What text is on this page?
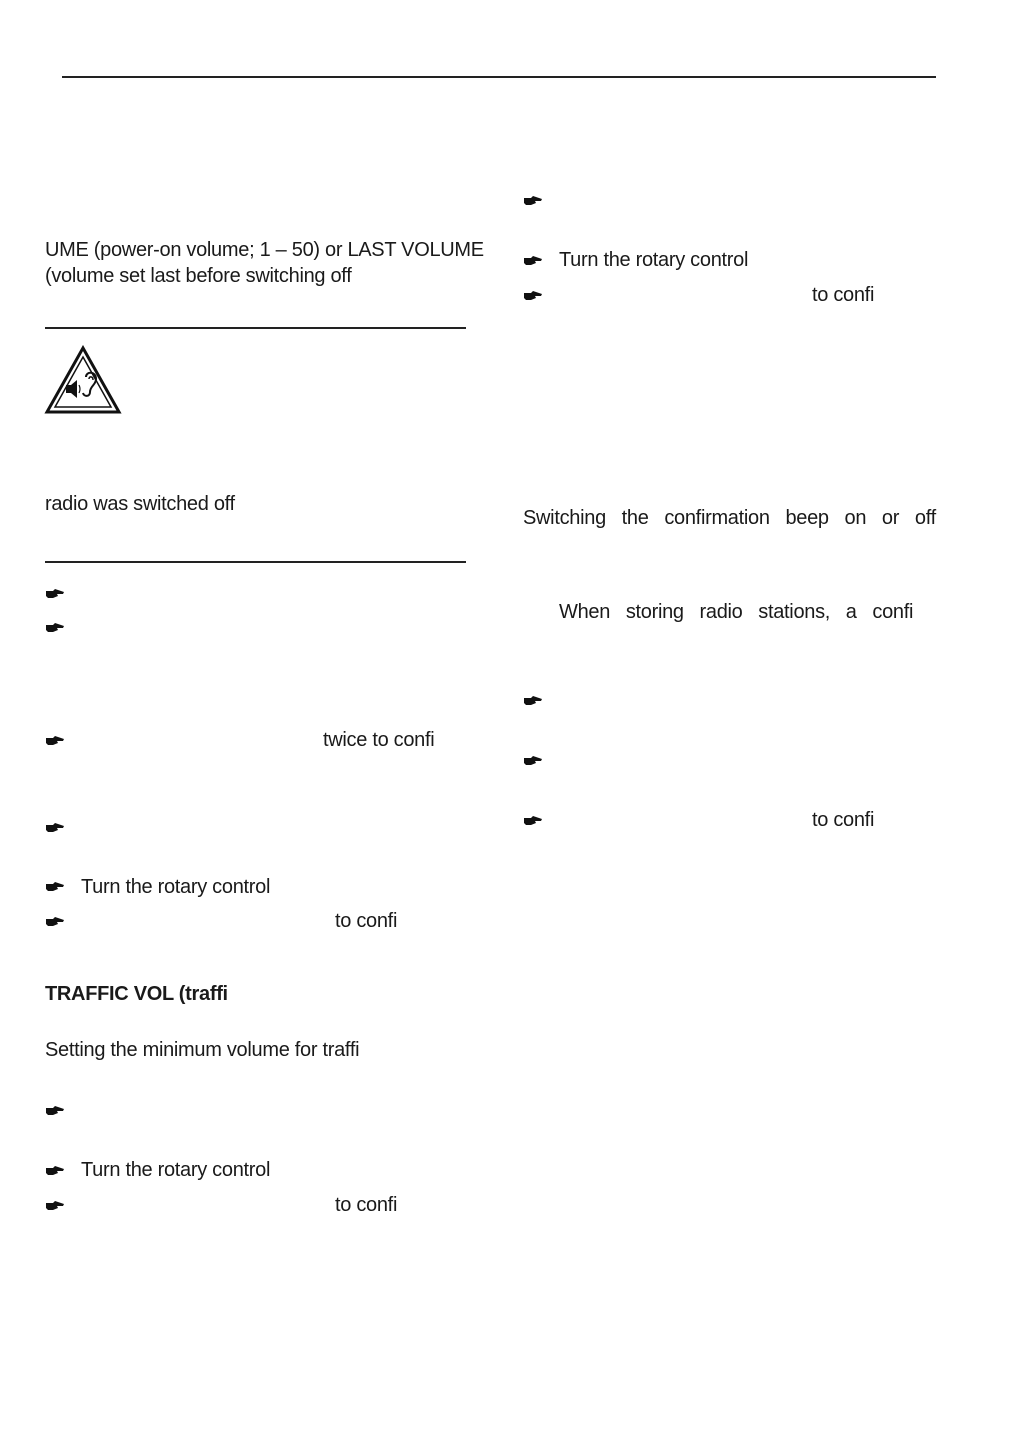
UME (power-on volume; 1 – 50) or LAST VOLUME
(volume set last before switching off
radio was switched off
twice to confi
Turn the rotary control
to confi
TRAFFIC VOL (traffi
Setting the minimum volume for traffi
Turn the rotary control
to confi
Turn the rotary control
to confi
Switching   the   confirmation   beep   on   or   off
When   storing   radio   stations,   a   confi
to confi
